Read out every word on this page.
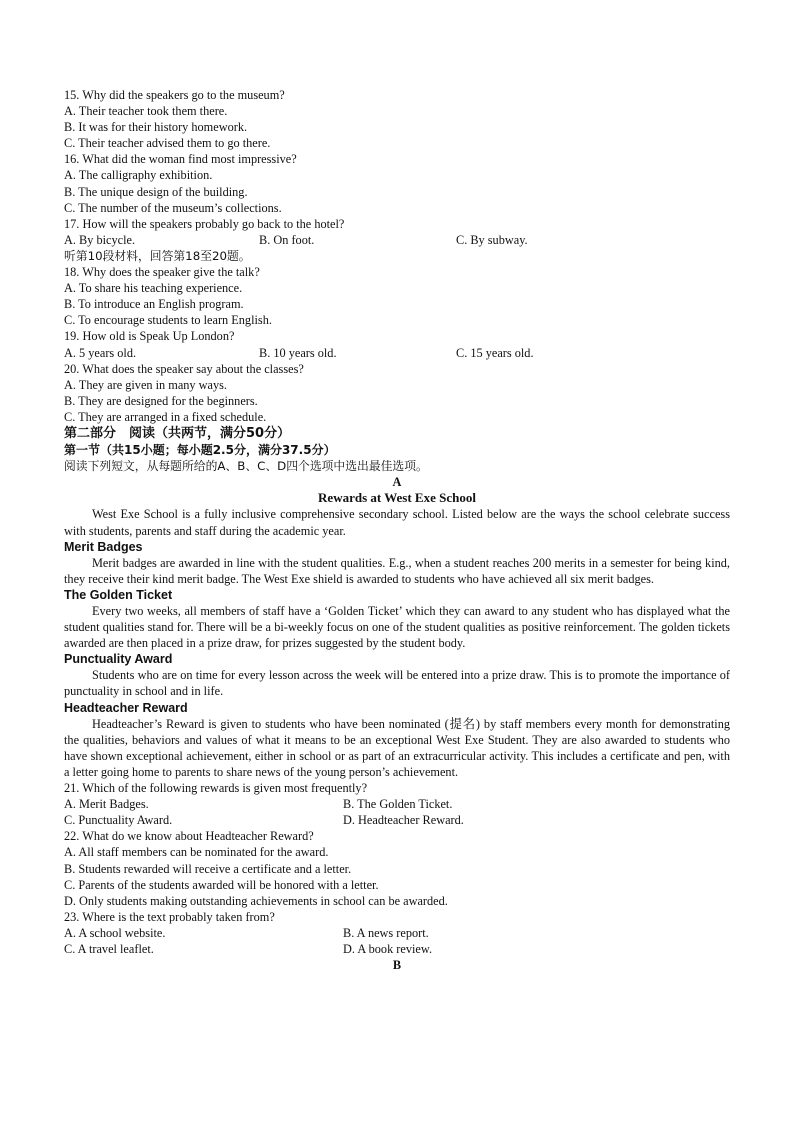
15. Why did the speakers go to the museum?
A. Their teacher took them there.
B. It was for their history homework.
C. Their teacher advised them to go there.
16. What did the woman find most impressive?
A. The calligraphy exhibition.
B. The unique design of the building.
C. The number of the museum’s collections.
17. How will the speakers probably go back to the hotel?
A. By bicycle.	B. On foot.	C. By subway.
听第10段材料，回答第18至20题。
18. Why does the speaker give the talk?
A. To share his teaching experience.
B. To introduce an English program.
C. To encourage students to learn English.
19. How old is Speak Up London?
A. 5 years old.	B. 10 years old.	C. 15 years old.
20. What does the speaker say about the classes?
A. They are given in many ways.
B. They are designed for the beginners.
C. They are arranged in a fixed schedule.
第二部分　阅读（共两节，满分50分）
第一节（共15小题；每小题2.5分，满分37.5分）
阅读下列短文，从每题所给的A、B、C、D四个选项中选出最佳选项。
A
Rewards at West Exe School
West Exe School is a fully inclusive comprehensive secondary school. Listed below are the ways the school celebrate success with students, parents and staff during the academic year.
Merit Badges
Merit badges are awarded in line with the student qualities. E.g., when a student reaches 200 merits in a semester for being kind, they receive their kind merit badge. The West Exe shield is awarded to students who have achieved all six merit badges.
The Golden Ticket
Every two weeks, all members of staff have a ‘Golden Ticket’ which they can award to any student who has displayed what the student qualities stand for. There will be a bi-weekly focus on one of the student qualities as positive reinforcement. The golden tickets awarded are then placed in a prize draw, for prizes suggested by the student body.
Punctuality Award
Students who are on time for every lesson across the week will be entered into a prize draw. This is to promote the importance of punctuality in school and in life.
Headteacher Reward
Headteacher’s Reward is given to students who have been nominated (提名) by staff members every month for demonstrating the qualities, behaviors and values of what it means to be an exceptional West Exe Student. They are also awarded to students who have shown exceptional achievement, either in school or as part of an extracurricular activity. This includes a certificate and pen, with a letter going home to parents to share news of the young person’s achievement.
21. Which of the following rewards is given most frequently?
A. Merit Badges.	B. The Golden Ticket.
C. Punctuality Award.	D. Headteacher Reward.
22. What do we know about Headteacher Reward?
A. All staff members can be nominated for the award.
B. Students rewarded will receive a certificate and a letter.
C. Parents of the students awarded will be honored with a letter.
D. Only students making outstanding achievements in school can be awarded.
23. Where is the text probably taken from?
A. A school website.	B. A news report.
C. A travel leaflet.	D. A book review.
B
